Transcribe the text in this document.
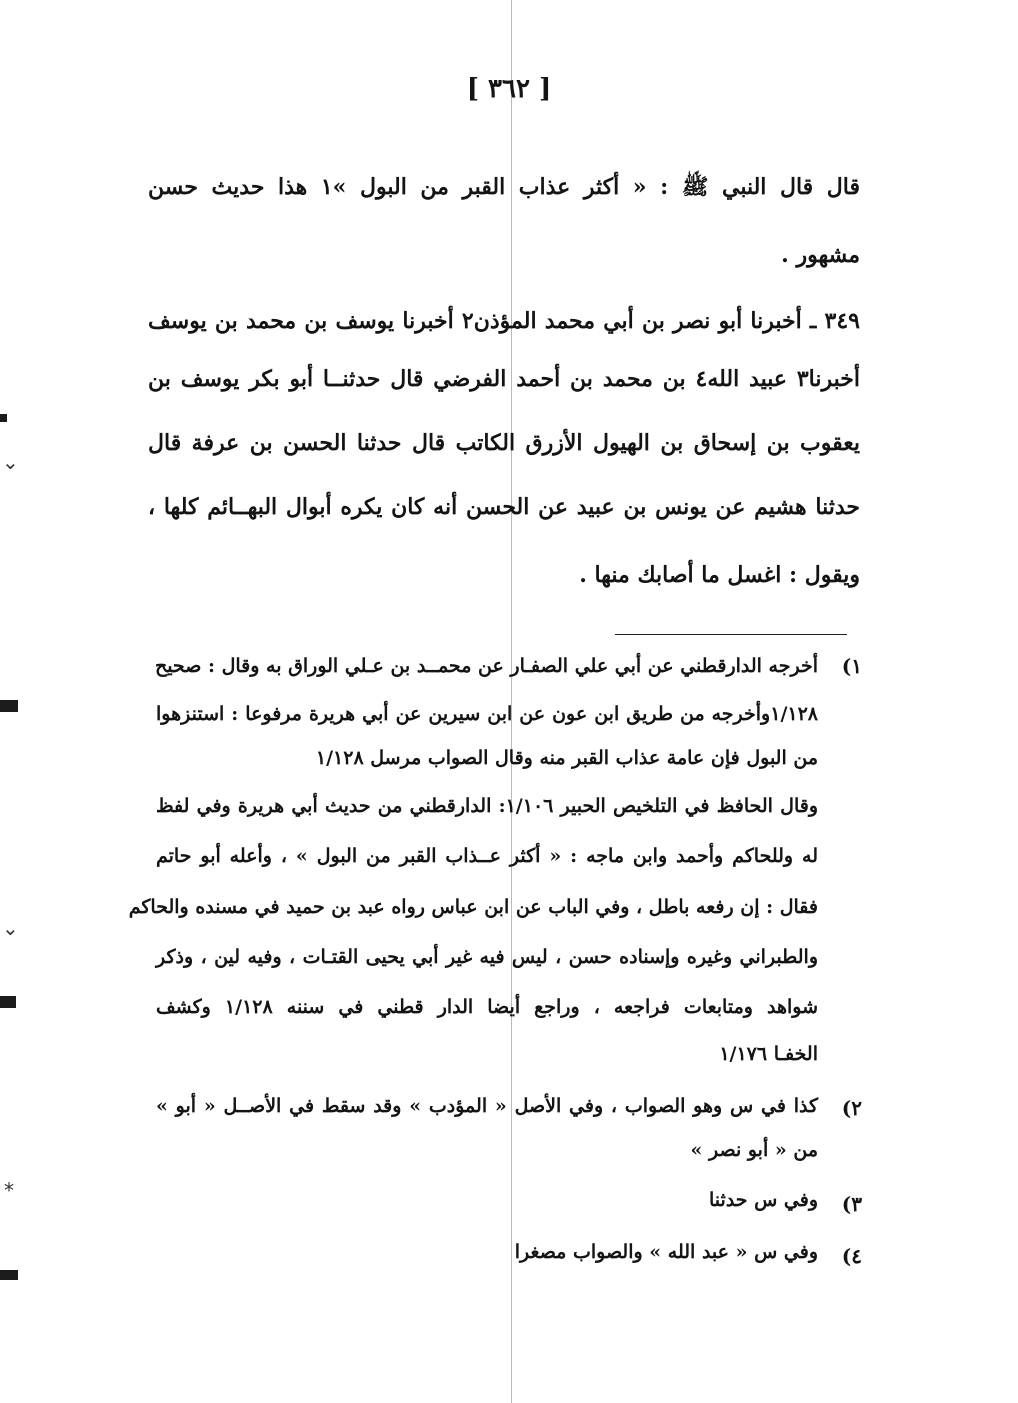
[ ٣٦٢ ]
قال قال النبي ﷺ : « أكثر عذاب القبر من البول »١ هذا حديث حسن
مشهور .
٣٤٩ ـ أخبرنا أبو نصر بن أبي محمد المؤذن٢ أخبرنا يوسف بن محمد بن يوسف
أخبرنا٣ عبيد الله٤ بن محمد بن أحمد الفرضي قال حدثنــا أبو بكر يوسف بن
يعقوب بن إسحاق بن الهيول الأزرق الكاتب قال حدثنا الحسن بن عرفة قال
حدثنا هشيم عن يونس بن عبيد عن الحسن أنه كان يكره أبوال البهــائم كلها ،
ويقول : اغسل ما أصابك منها .
١)
أخرجه الدارقطني عن أبي علي الصفـار عن محمــد بن عـلي الوراق به وقال : صحيح
١/١٢٨وأخرجه من طريق ابن عون عن ابن سيرين عن أبي هريرة مرفوعا : استنزهوا
من البول فإن عامة عذاب القبر منه وقال الصواب مرسل ١/١٢٨
وقال الحافظ في التلخيص الحبير ١/١٠٦: الدارقطني من حديث أبي هريرة وفي لفظ
له وللحاكم وأحمد وابن ماجه : « أكثر عــذاب القبر من البول » ، وأعله أبو حاتم
فقال : إن رفعه باطل ، وفي الباب عن ابن عباس رواه عبد بن حميد في مسنده والحاكم
والطبراني وغيره وإسناده حسن ، ليس فيه غير أبي يحيى القتـات ، وفيه لين ، وذكر
شواهد ومتابعات فراجعه ، وراجع أيضا الدار قطني في سننه ١/١٢٨ وكشف
الخفـا ١/١٧٦
٢)
كذا في س وهو الصواب ، وفي الأصل « المؤدب » وقد سقط في الأصــل « أبو »
من « أبو نصر »
٣)
وفي س حدثنا
٤)
وفي س « عبد الله » والصواب مصغرا
⌄
⌄
⁎
